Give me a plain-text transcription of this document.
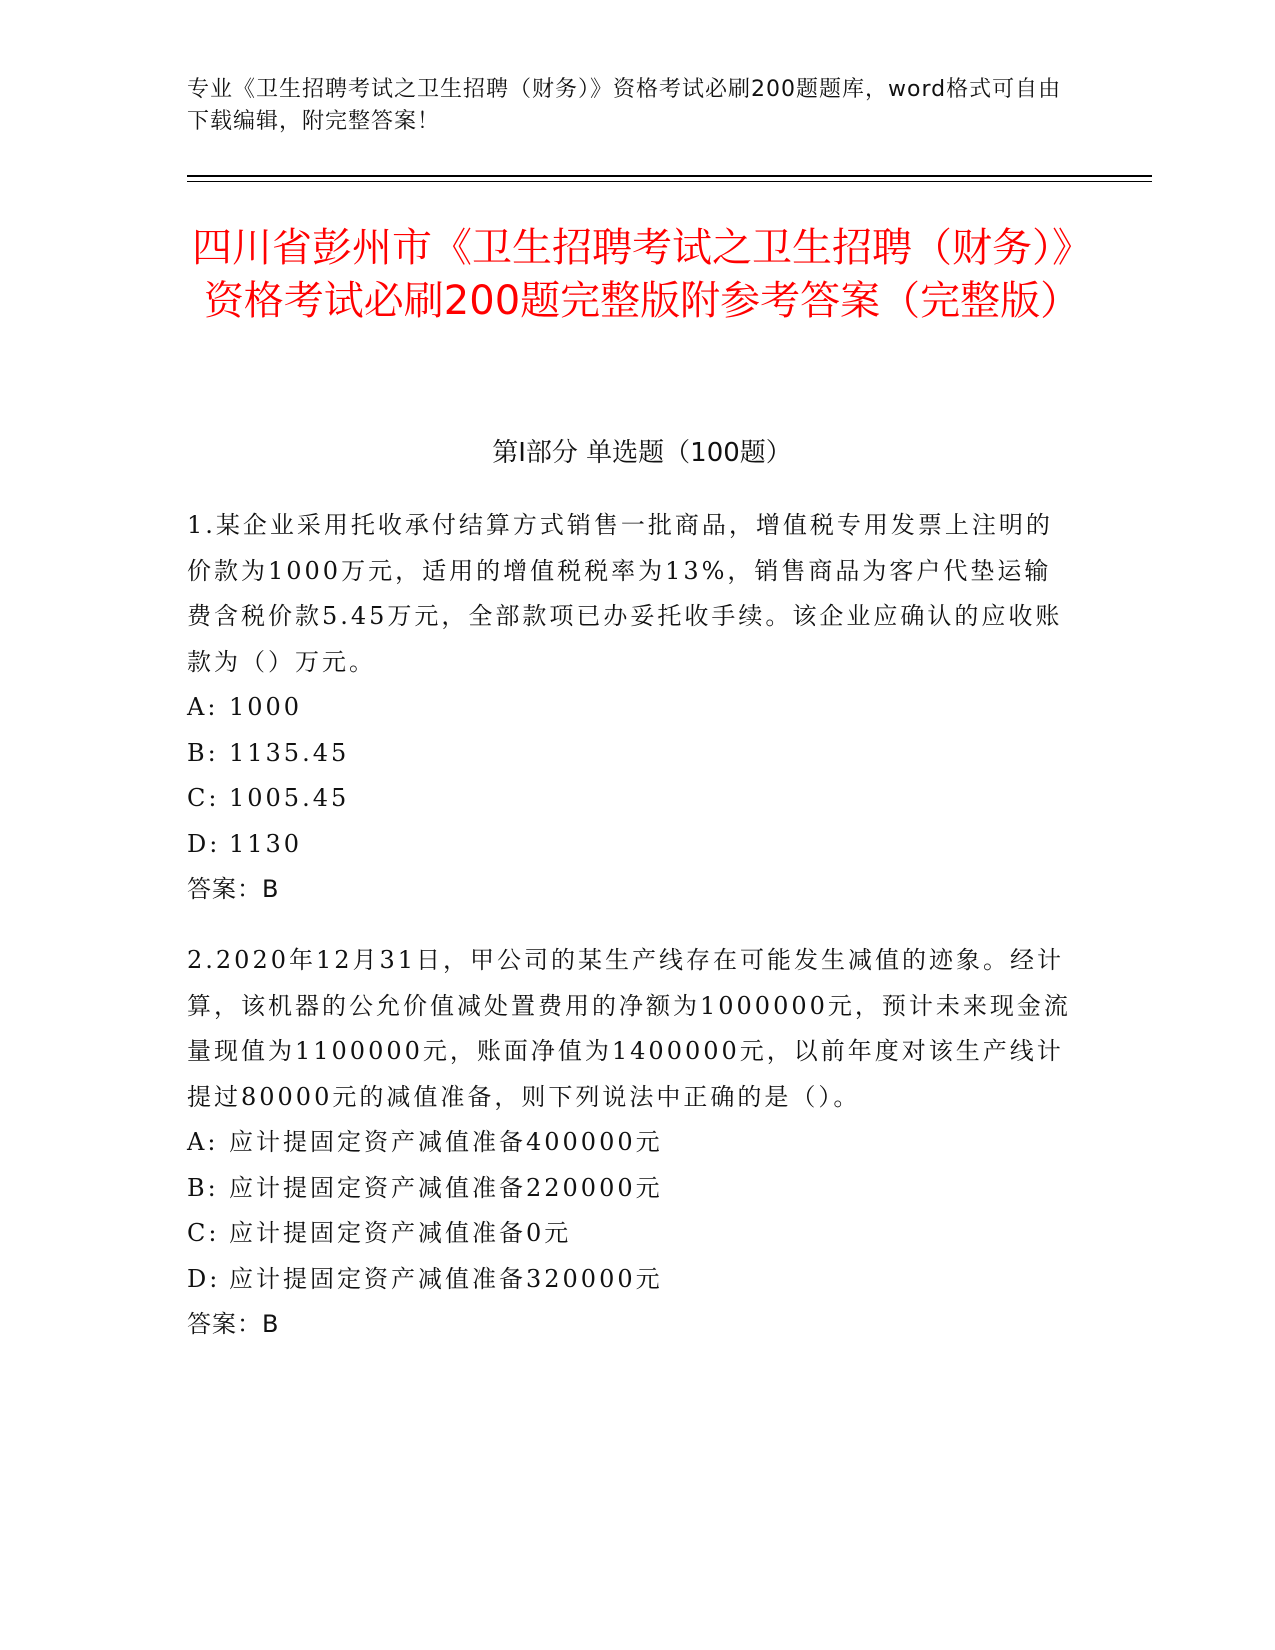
专业《卫生招聘考试之卫生招聘（财务）》资格考试必刷200题题库，word格式可自由下载编辑，附完整答案！
四川省彭州市《卫生招聘考试之卫生招聘（财务）》资格考试必刷200题完整版附参考答案（完整版）
第Ⅰ部分 单选题（100题）

1.某企业采用托收承付结算方式销售一批商品，增值税专用发票上注明的价款为1000万元，适用的增值税税率为13%，销售商品为客户代垫运输费含税价款5.45万元，全部款项已办妥托收手续。该企业应确认的应收账款为（）万元。

A: 1000

B: 1135.45

C: 1005.45

D: 1130

答案：B

2.2020年12月31日，甲公司的某生产线存在可能发生减值的迹象。经计算，该机器的公允价值减处置费用的净额为1000000元，预计未来现金流量现值为1100000元，账面净值为1400000元，以前年度对该生产线计提过80000元的减值准备，则下列说法中正确的是（）。

A: 应计提固定资产减值准备400000元

B: 应计提固定资产减值准备220000元

C: 应计提固定资产减值准备0元

D: 应计提固定资产减值准备320000元

答案：B
